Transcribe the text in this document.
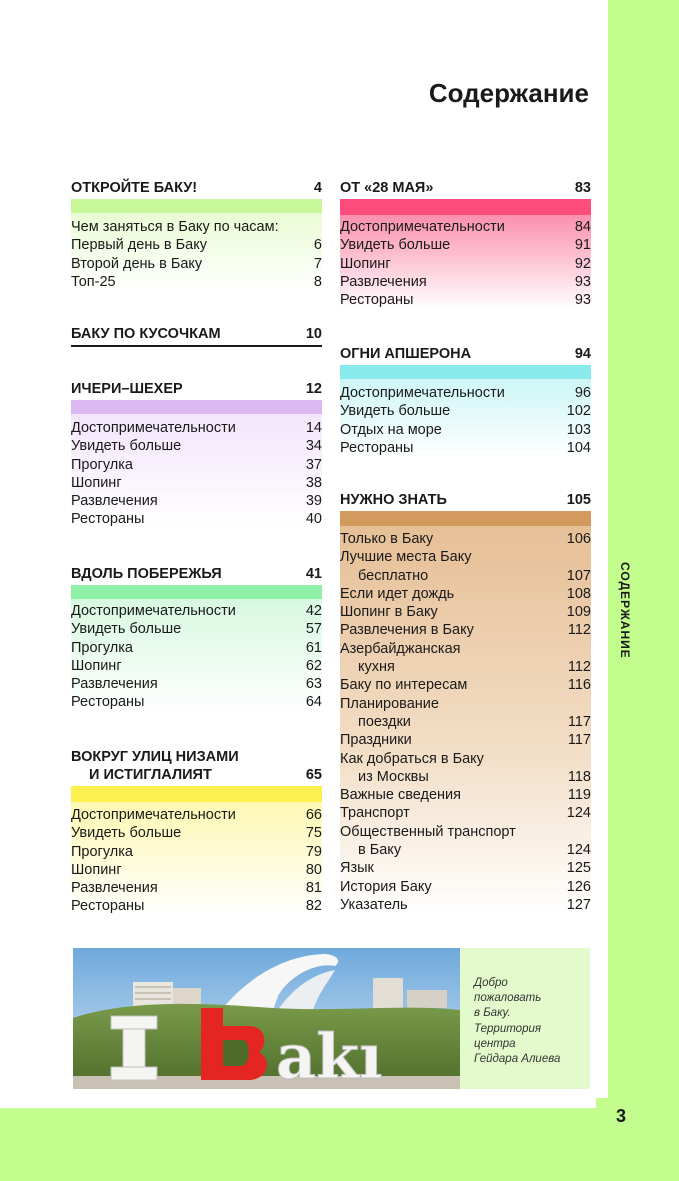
3
СОДЕРЖАНИЕ
Содержание
ОТКРОЙТЕ БАКУ!	4
Чем заняться в Баку по часам:
Первый день в Баку	6
Второй день в Баку	7
Топ-25	8
БАКУ ПО КУСОЧКАМ	10
ИЧЕРИ–ШЕХЕР	12
Достопримечательности	14
Увидеть больше	34
Прогулка	37
Шопинг	38
Развлечения	39
Рестораны	40
ВДОЛЬ ПОБЕРЕЖЬЯ	41
Достопримечательности	42
Увидеть больше	57
Прогулка	61
Шопинг	62
Развлечения	63
Рестораны	64
ВОКРУГ УЛИЦ НИЗАМИ
И ИСТИГЛАЛИЯТ	65
Достопримечательности	66
Увидеть больше	75
Прогулка	79
Шопинг	80
Развлечения	81
Рестораны	82
ОТ «28 МАЯ»	83
Достопримечательности	84
Увидеть больше	91
Шопинг	92
Развлечения	93
Рестораны	93
ОГНИ АПШЕРОНА	94
Достопримечательности	96
Увидеть больше	102
Отдых на море	103
Рестораны	104
НУЖНО ЗНАТЬ	105
Только в Баку	106
Лучшие места Баку
бесплатно	107
Если идет дождь	108
Шопинг в Баку	109
Развлечения в Баку	112
Азербайджанская
кухня	112
Баку по интересам	116
Планирование
поездки	117
Праздники	117
Как добраться в Баку
из Москвы	118
Важные сведения	119
Транспорт	124
Общественный транспорт
в Баку	124
Язык	125
История Баку	126
Указатель	127
akı
Добро
пожаловать
в Баку.
Территория
центра
Гейдара Алиева
